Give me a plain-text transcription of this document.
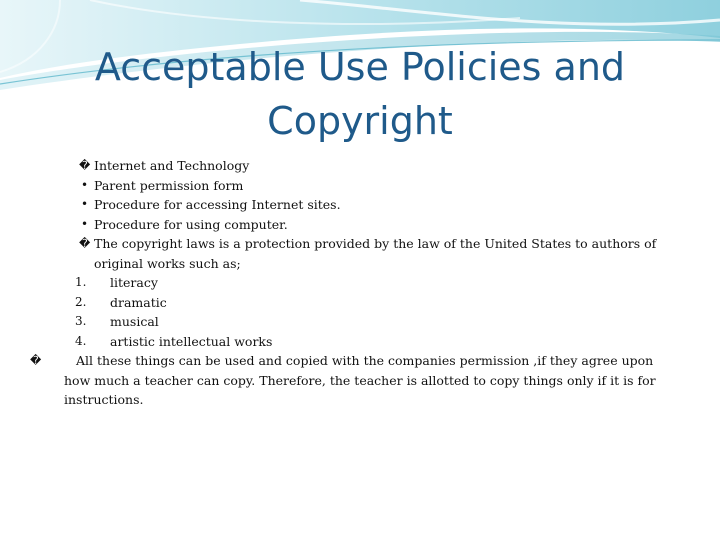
Acceptable Use Policies and
Copyright
� Internet and Technology
• Parent permission form
• Procedure for accessing Internet sites.
• Procedure for using computer.
� The copyright laws is a protection provided by the law of the United States to authors of original works such as;
1. literacy
2. dramatic
3. musical
4. artistic intellectual works
�	All these things can be used and copied with the companies permission ,if they agree upon how much a teacher can copy. Therefore, the teacher is allotted to copy things only if it is for instructions.
